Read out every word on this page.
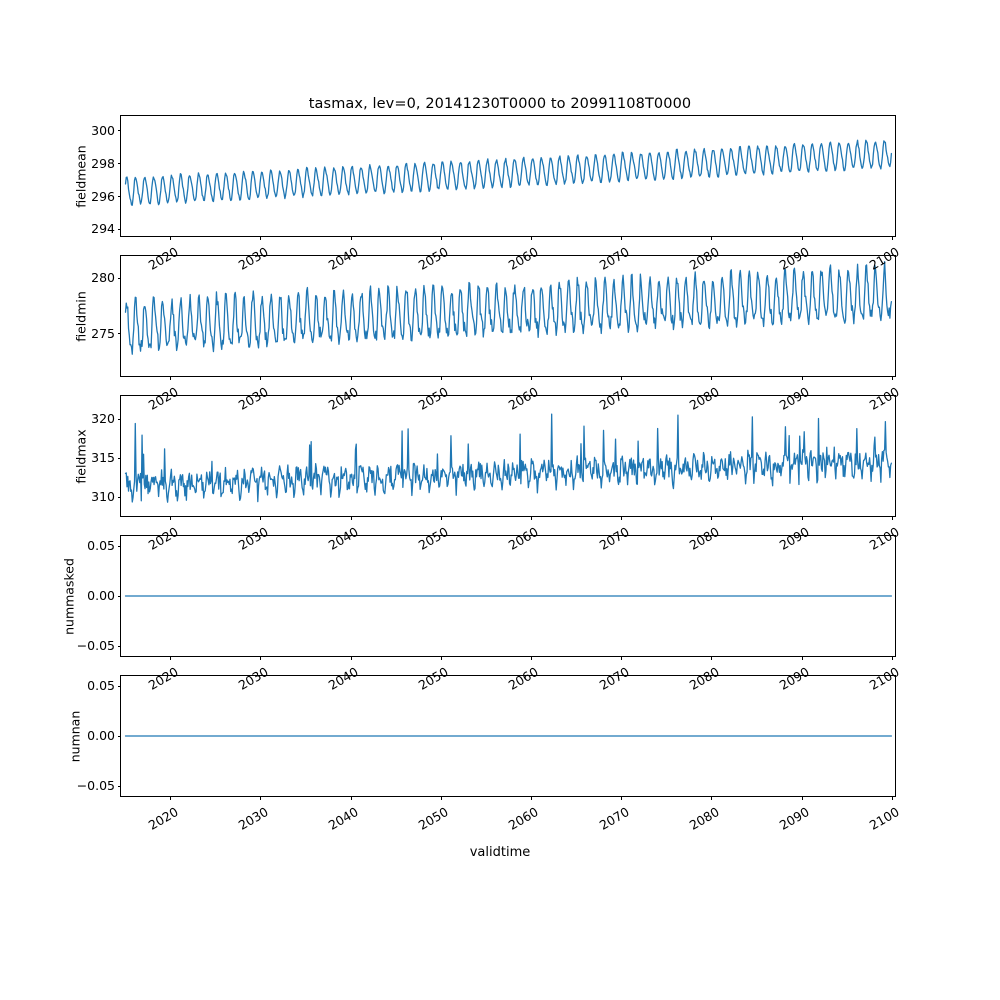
tasmax, lev=0, 20141230T0000 to 20991108T0000
fieldmean
fieldmin
fieldmax
nummasked
numnan
validtime
294
296
298
300
2020	2030	2040	2050	2060	2070	2080	2090	2100
275
280
2020	2030	2040	2050	2060	2070	2080	2090	2100
310
315
320
2020	2030	2040	2050	2060	2070	2080	2090	2100
−0.05
0.00
0.05
2020	2030	2040	2050	2060	2070	2080	2090	2100
−0.05
0.00
0.05
2020	2030	2040	2050	2060	2070	2080	2090	2100
